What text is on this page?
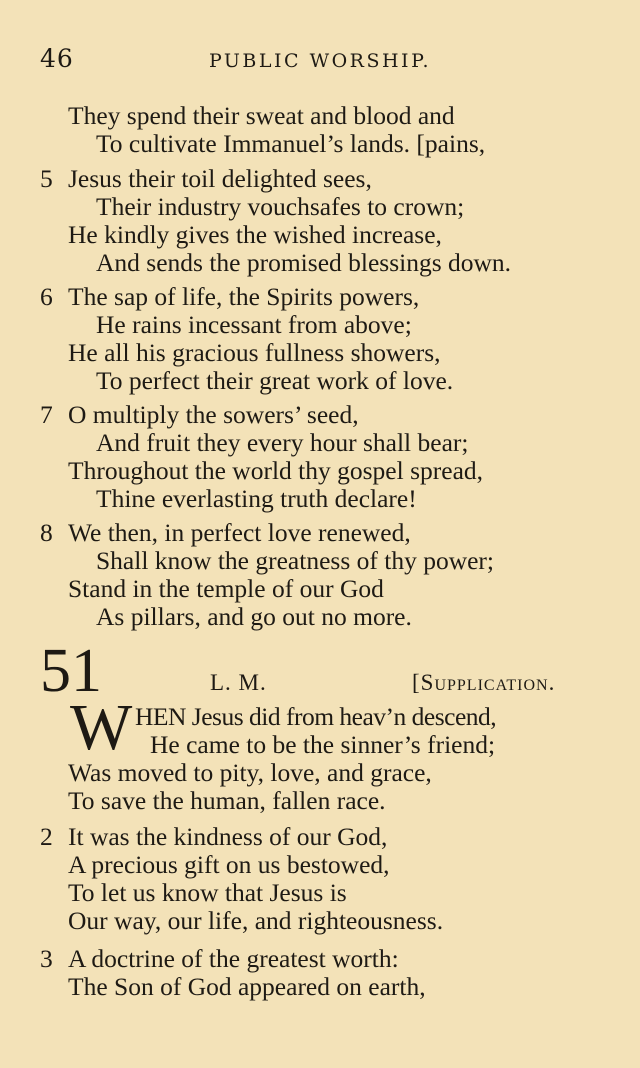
46	PUBLIC WORSHIP.
They spend their sweat and blood and
To cultivate Immanuel’s lands. [pains,
5 Jesus their toil delighted sees,
Their industry vouchsafes to crown;
He kindly gives the wished increase,
And sends the promised blessings down.
6 The sap of life, the Spirits powers,
He rains incessant from above;
He all his gracious fullness showers,
To perfect their great work of love.
7 O multiply the sowers’ seed,
And fruit they every hour shall bear;
Throughout the world thy gospel spread,
Thine everlasting truth declare!
8 We then, in perfect love renewed,
Shall know the greatness of thy power;
Stand in the temple of our God
As pillars, and go out no more.
51	L. M.	[Supplication.
W HEN Jesus did from heav’n descend,
He came to be the sinner’s friend;
Was moved to pity, love, and grace,
To save the human, fallen race.
2 It was the kindness of our God,
A precious gift on us bestowed,
To let us know that Jesus is
Our way, our life, and righteousness.
3 A doctrine of the greatest worth:
The Son of God appeared on earth,
